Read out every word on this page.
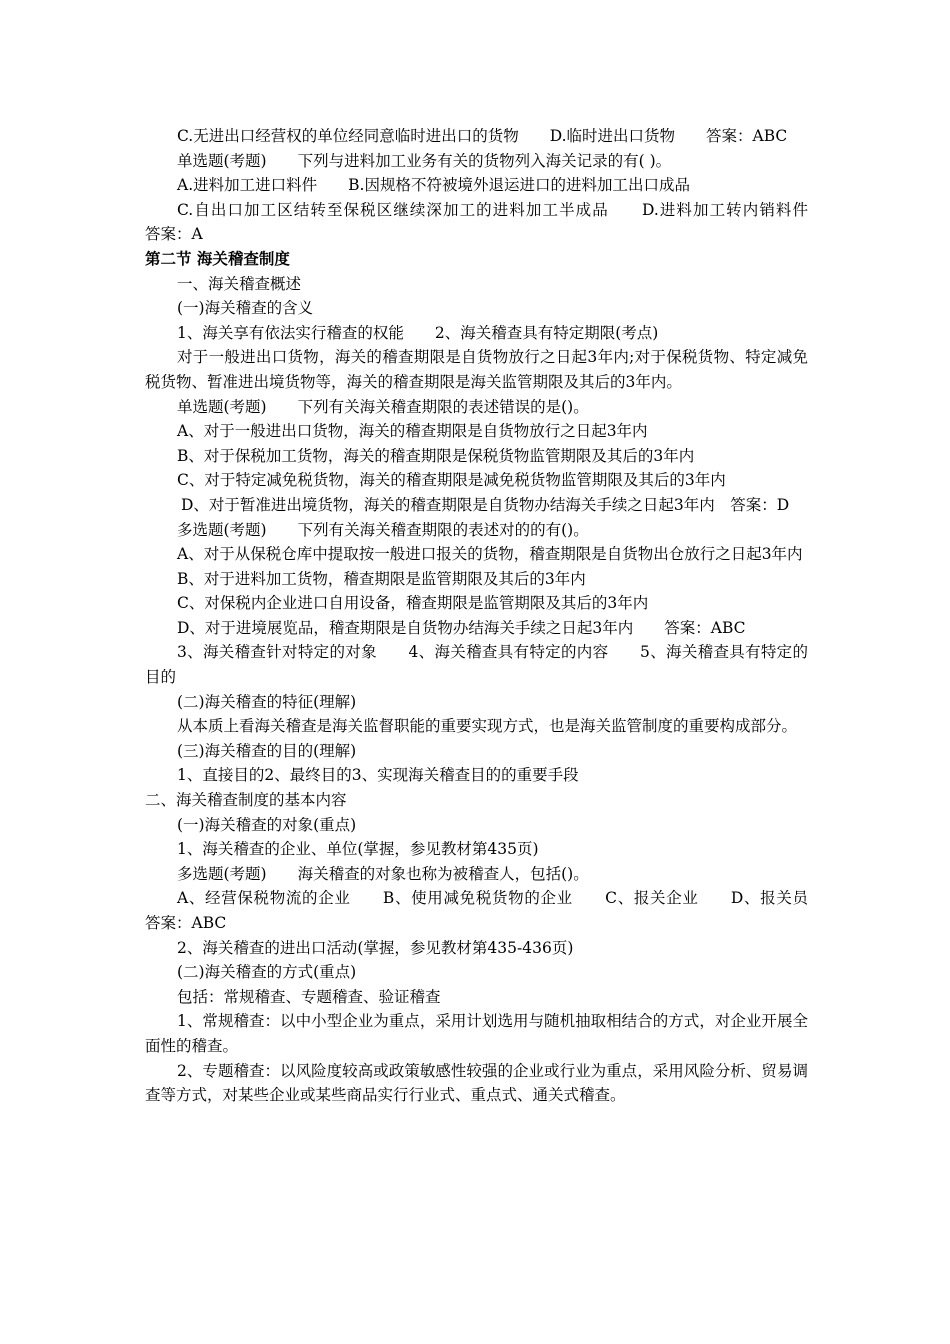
C.无进出口经营权的单位经同意临时进出口的货物　　D.临时进出口货物　　答案：ABC

单选题(考题)　　下列与进料加工业务有关的货物列入海关记录的有( )。

A.进料加工进口料件　　B.因规格不符被境外退运进口的进料加工出口成品

C.自出口加工区结转至保税区继续深加工的进料加工半成品　　D.进料加工转内销料件　　答案：A

第二节 海关稽查制度

一、海关稽查概述

(一)海关稽查的含义

1、海关享有依法实行稽查的权能　　2、海关稽查具有特定期限(考点)

对于一般进出口货物，海关的稽查期限是自货物放行之日起3年内;对于保税货物、特定减免税货物、暂准进出境货物等，海关的稽查期限是海关监管期限及其后的3年内。

单选题(考题)　　下列有关海关稽查期限的表述错误的是()。

A、对于一般进出口货物，海关的稽查期限是自货物放行之日起3年内

B、对于保税加工货物，海关的稽查期限是保税货物监管期限及其后的3年内

C、对于特定减免税货物，海关的稽查期限是减免税货物监管期限及其后的3年内

D、对于暂准进出境货物，海关的稽查期限是自货物办结海关手续之日起3年内　答案：D

多选题(考题)　　下列有关海关稽查期限的表述对的的有()。

A、对于从保税仓库中提取按一般进口报关的货物，稽查期限是自货物出仓放行之日起3年内

B、对于进料加工货物，稽查期限是监管期限及其后的3年内

C、对保税内企业进口自用设备，稽查期限是监管期限及其后的3年内

D、对于进境展览品，稽查期限是自货物办结海关手续之日起3年内　　答案：ABC

3、海关稽查针对特定的对象　　4、海关稽查具有特定的内容　　5、海关稽查具有特定的目的

(二)海关稽查的特征(理解)

从本质上看海关稽查是海关监督职能的重要实现方式，也是海关监管制度的重要构成部分。

(三)海关稽查的目的(理解)

1、直接目的2、最终目的3、实现海关稽查目的的重要手段

二、海关稽查制度的基本内容

(一)海关稽查的对象(重点)

1、海关稽查的企业、单位(掌握，参见教材第435页)

多选题(考题)　　海关稽查的对象也称为被稽查人，包括()。

A、经营保税物流的企业　　B、使用减免税货物的企业　　C、报关企业　　D、报关员　　答案：ABC

2、海关稽查的进出口活动(掌握，参见教材第435-436页)

(二)海关稽查的方式(重点)

包括：常规稽查、专题稽查、验证稽查

1、常规稽查：以中小型企业为重点，采用计划选用与随机抽取相结合的方式，对企业开展全面性的稽查。

2、专题稽查：以风险度较高或政策敏感性较强的企业或行业为重点，采用风险分析、贸易调查等方式，对某些企业或某些商品实行行业式、重点式、通关式稽查。
